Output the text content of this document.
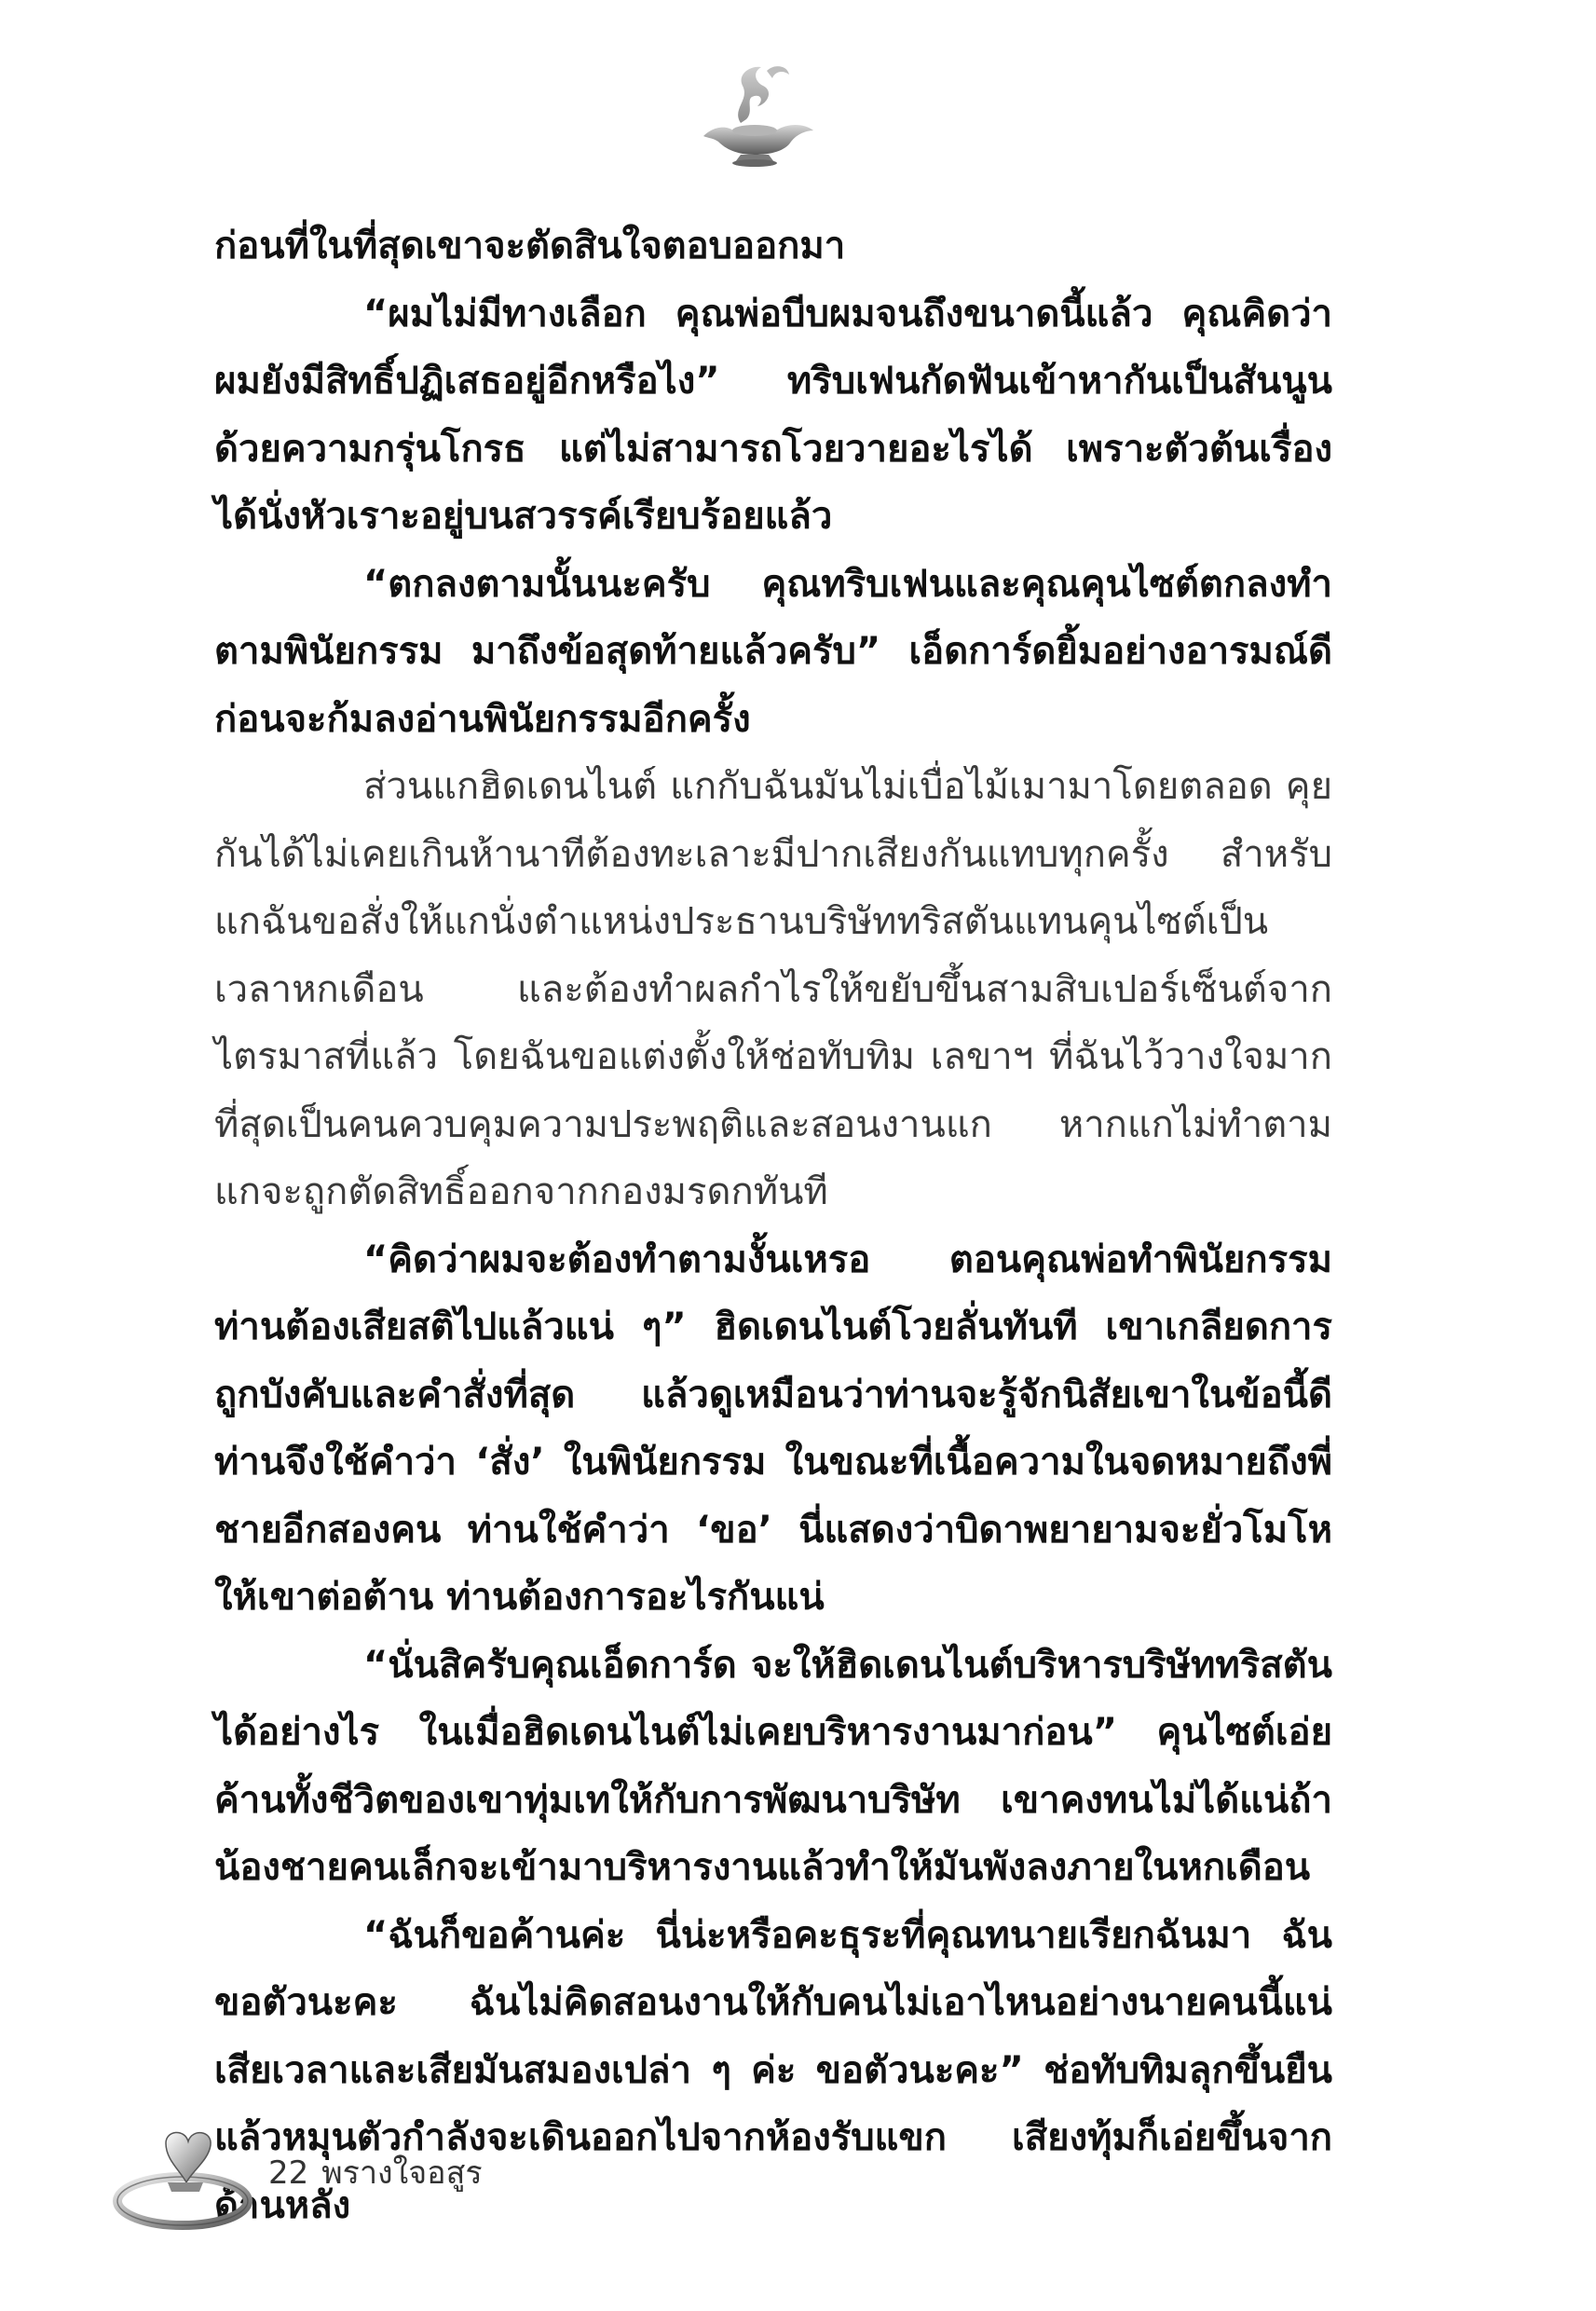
ก่อนที่ในที่สุดเขาจะตัดสินใจตอบออกมา

“ผมไม่มีทางเลือก คุณพ่อบีบผมจนถึงขนาดนี้แล้ว คุณคิดว่าผมยังมีสิทธิ์ปฏิเสธอยู่อีกหรือไง” ทริบเฟนกัดฟันเข้าหากันเป็นสันนูนด้วยความกรุ่นโกรธ แต่ไม่สามารถโวยวายอะไรได้ เพราะตัวต้นเรื่องได้นั่งหัวเราะอยู่บนสวรรค์เรียบร้อยแล้ว

“ตกลงตามนั้นนะครับ คุณทริบเฟนและคุณคุนไซต์ตกลงทำตามพินัยกรรม มาถึงข้อสุดท้ายแล้วครับ” เอ็ดการ์ดยิ้มอย่างอารมณ์ดีก่อนจะก้มลงอ่านพินัยกรรมอีกครั้ง

ส่วนแกฮิดเดนไนต์ แกกับฉันมันไม่เบื่อไม้เมามาโดยตลอด คุยกันได้ไม่เคยเกินห้านาทีต้องทะเลาะมีปากเสียงกันแทบทุกครั้ง สำหรับแกฉันขอสั่งให้แกนั่งตำแหน่งประธานบริษัททริสตันแทนคุนไซต์เป็นเวลาหกเดือน และต้องทำผลกำไรให้ขยับขึ้นสามสิบเปอร์เซ็นต์จากไตรมาสที่แล้ว โดยฉันขอแต่งตั้งให้ช่อทับทิม เลขาฯ ที่ฉันไว้วางใจมากที่สุดเป็นคนควบคุมความประพฤติและสอนงานแก หากแกไม่ทำตาม แกจะถูกตัดสิทธิ์ออกจากกองมรดกทันที

“คิดว่าผมจะต้องทำตามงั้นเหรอ ตอนคุณพ่อทำพินัยกรรมท่านต้องเสียสติไปแล้วแน่ ๆ” ฮิดเดนไนต์โวยลั่นทันที เขาเกลียดการถูกบังคับและคำสั่งที่สุด แล้วดูเหมือนว่าท่านจะรู้จักนิสัยเขาในข้อนี้ดี ท่านจึงใช้คำว่า ‘สั่ง’ ในพินัยกรรม ในขณะที่เนื้อความในจดหมายถึงพี่ชายอีกสองคน ท่านใช้คำว่า ‘ขอ’ นี่แสดงว่าบิดาพยายามจะยั่วโมโหให้เขาต่อต้าน ท่านต้องการอะไรกันแน่

“นั่นสิครับคุณเอ็ดการ์ด จะให้ฮิดเดนไนต์บริหารบริษัททริสตันได้อย่างไร ในเมื่อฮิดเดนไนต์ไม่เคยบริหารงานมาก่อน” คุนไซต์เอ่ยค้านทั้งชีวิตของเขาทุ่มเทให้กับการพัฒนาบริษัท เขาคงทนไม่ได้แน่ถ้าน้องชายคนเล็กจะเข้ามาบริหารงานแล้วทำให้มันพังลงภายในหกเดือน

“ฉันก็ขอค้านค่ะ นี่น่ะหรือคะธุระที่คุณทนายเรียกฉันมา ฉันขอตัวนะคะ ฉันไม่คิดสอนงานให้กับคนไม่เอาไหนอย่างนายคนนี้แน่ เสียเวลาและเสียมันสมองเปล่า ๆ ค่ะ ขอตัวนะคะ” ช่อทับทิมลุกขึ้นยืนแล้วหมุนตัวกำลังจะเดินออกไปจากห้องรับแขก เสียงทุ้มก็เอ่ยขึ้นจากด้านหลัง

22 พรางใจอสูร
